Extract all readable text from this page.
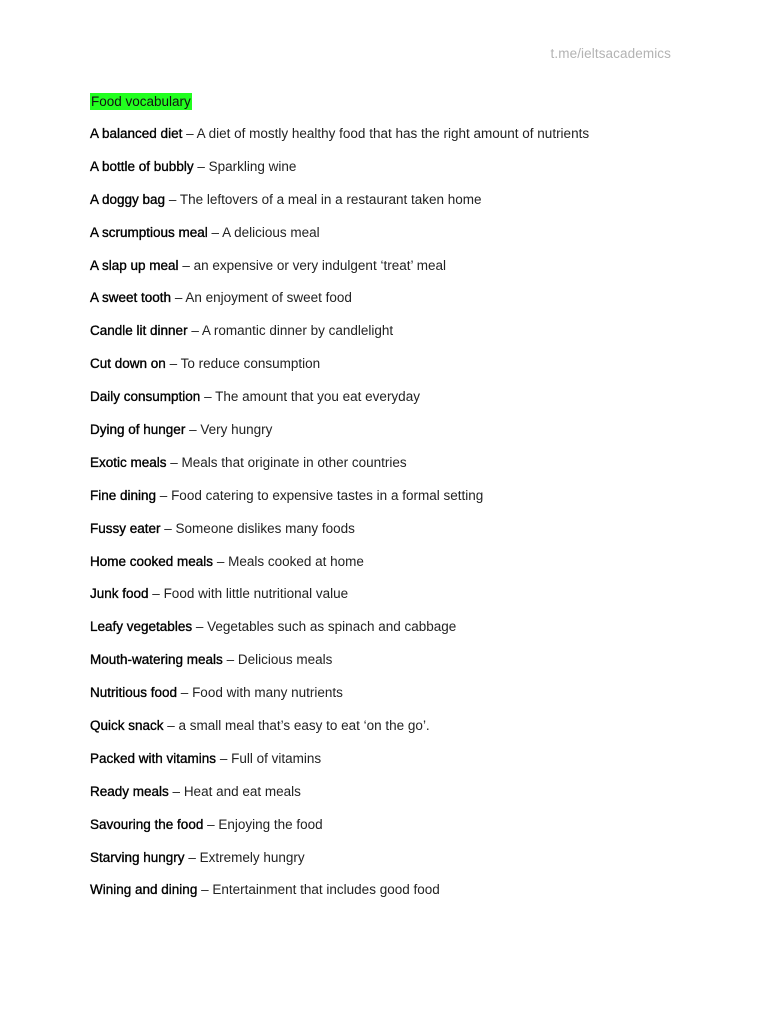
t.me/ieltsacademics
Food vocabulary
A balanced diet – A diet of mostly healthy food that has the right amount of nutrients
A bottle of bubbly – Sparkling wine
A doggy bag – The leftovers of a meal in a restaurant taken home
A scrumptious meal – A delicious meal
A slap up meal – an expensive or very indulgent ‘treat’ meal
A sweet tooth – An enjoyment of sweet food
Candle lit dinner – A romantic dinner by candlelight
Cut down on – To reduce consumption
Daily consumption – The amount that you eat everyday
Dying of hunger – Very hungry
Exotic meals – Meals that originate in other countries
Fine dining – Food catering to expensive tastes in a formal setting
Fussy eater – Someone dislikes many foods
Home cooked meals – Meals cooked at home
Junk food – Food with little nutritional value
Leafy vegetables – Vegetables such as spinach and cabbage
Mouth-watering meals – Delicious meals
Nutritious food – Food with many nutrients
Quick snack – a small meal that’s easy to eat ‘on the go’.
Packed with vitamins – Full of vitamins
Ready meals – Heat and eat meals
Savouring the food – Enjoying the food
Starving hungry – Extremely hungry
Wining and dining – Entertainment that includes good food
